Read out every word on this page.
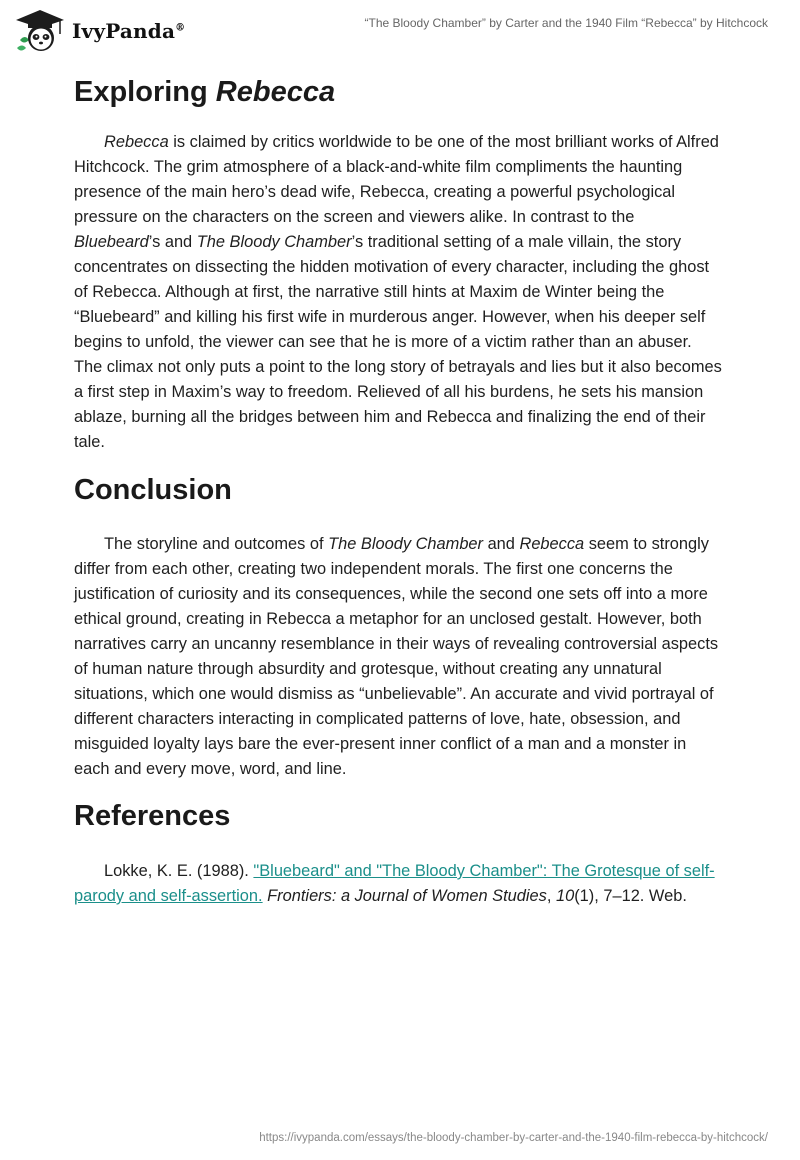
IvyPanda®	“The Bloody Chamber” by Carter and the 1940 Film “Rebecca” by Hitchcock
Exploring Rebecca

Rebecca is claimed by critics worldwide to be one of the most brilliant works of Alfred Hitchcock. The grim atmosphere of a black-and-white film compliments the haunting presence of the main hero’s dead wife, Rebecca, creating a powerful psychological pressure on the characters on the screen and viewers alike. In contrast to the Bluebeard’s and The Bloody Chamber’s traditional setting of a male villain, the story concentrates on dissecting the hidden motivation of every character, including the ghost of Rebecca. Although at first, the narrative still hints at Maxim de Winter being the “Bluebeard” and killing his first wife in murderous anger. However, when his deeper self begins to unfold, the viewer can see that he is more of a victim rather than an abuser. The climax not only puts a point to the long story of betrayals and lies but it also becomes a first step in Maxim’s way to freedom. Relieved of all his burdens, he sets his mansion ablaze, burning all the bridges between him and Rebecca and finalizing the end of their tale.

Conclusion

The storyline and outcomes of The Bloody Chamber and Rebecca seem to strongly differ from each other, creating two independent morals. The first one concerns the justification of curiosity and its consequences, while the second one sets off into a more ethical ground, creating in Rebecca a metaphor for an unclosed gestalt. However, both narratives carry an uncanny resemblance in their ways of revealing controversial aspects of human nature through absurdity and grotesque, without creating any unnatural situations, which one would dismiss as “unbelievable”. An accurate and vivid portrayal of different characters interacting in complicated patterns of love, hate, obsession, and misguided loyalty lays bare the ever-present inner conflict of a man and a monster in each and every move, word, and line.

References

Lokke, K. E. (1988). "Bluebeard" and "The Bloody Chamber": The Grotesque of self-parody and self-assertion. Frontiers: a Journal of Women Studies, 10(1), 7–12. Web.

https://ivypanda.com/essays/the-bloody-chamber-by-carter-and-the-1940-film-rebecca-by-hitchcock/
